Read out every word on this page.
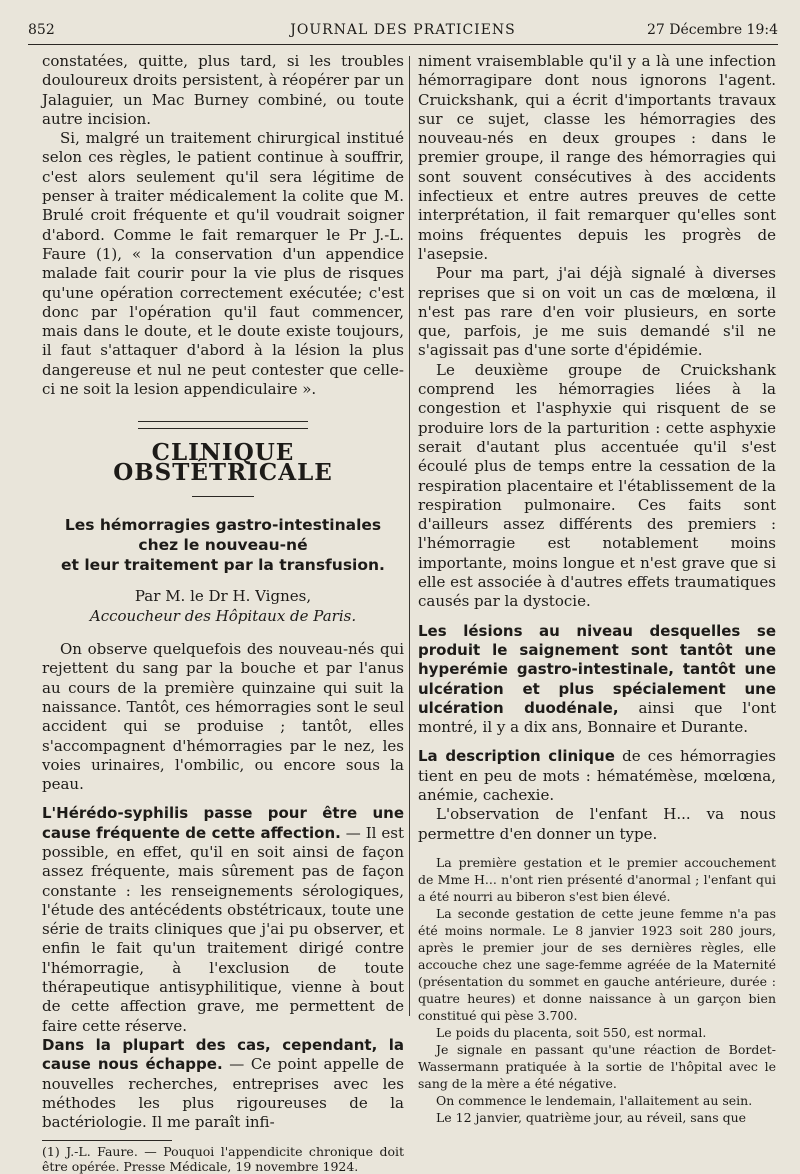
852	JOURNAL DES PRATICIENS	27 Décembre 19:4

constatées, quitte, plus tard, si les troubles douloureux droits persistent, à réopérer par un Jalaguier, un Mac Burney combiné, ou toute autre incision.

Si, malgré un traitement chirurgical institué selon ces règles, le patient continue à souffrir, c'est alors seulement qu'il sera légitime de penser à traiter médicalement la colite que M. Brulé croit fréquente et qu'il voudrait soigner d'abord. Comme le fait remarquer le Pr J.-L. Faure (1), « la conservation d'un appendice malade fait courir pour la vie plus de risques qu'une opération correctement exécutée; c'est donc par l'opération qu'il faut commencer, mais dans le doute, et le doute existe toujours, il faut s'attaquer d'abord à la lésion la plus dangereuse et nul ne peut contester que celle-ci ne soit la lesion appendiculaire ».

CLINIQUE OBSTÉTRICALE
Les hémorragies gastro-intestinales
chez le nouveau-né
et leur traitement par la transfusion.

Par M. le Dr H. Vignes,

Accoucheur des Hôpitaux de Paris.

On observe quelquefois des nouveau-nés qui rejettent du sang par la bouche et par l'anus au cours de la première quinzaine qui suit la naissance. Tantôt, ces hémorragies sont le seul accident qui se produise ; tantôt, elles s'accompagnent d'hémorragies par le nez, les voies urinaires, l'ombilic, ou encore sous la peau.

L'Hérédo-syphilis passe pour être une cause fréquente de cette affection. — Il est possible, en effet, qu'il en soit ainsi de façon assez fréquente, mais sûrement pas de façon constante : les renseignements sérologiques, l'étude des antécédents obstétricaux, toute une série de traits cliniques que j'ai pu observer, et enfin le fait qu'un traitement dirigé contre l'hémorragie, à l'exclusion de toute thérapeutique antisyphilitique, vienne à bout de cette affection grave, me permettent de faire cette réserve.

Dans la plupart des cas, cependant, la cause nous échappe. — Ce point appelle de nouvelles recherches, entreprises avec les méthodes les plus rigoureuses de la bactériologie. Il me paraît infi-

(1) J.-L. Faure. — Pouquoi l'appendicite chronique doit être opérée. Presse Médicale, 19 novembre 1924.

niment vraisemblable qu'il y a là une infection hémorragipare dont nous ignorons l'agent. Cruickshank, qui a écrit d'importants travaux sur ce sujet, classe les hémorragies des nouveau-nés en deux groupes : dans le premier groupe, il range des hémorragies qui sont souvent consécutives à des accidents infectieux et entre autres preuves de cette interprétation, il fait remarquer qu'elles sont moins fréquentes depuis les progrès de l'asepsie.

Pour ma part, j'ai déjà signalé à diverses reprises que si on voit un cas de mœlœna, il n'est pas rare d'en voir plusieurs, en sorte que, parfois, je me suis demandé s'il ne s'agissait pas d'une sorte d'épidémie.

Le deuxième groupe de Cruickshank comprend les hémorragies liées à la congestion et l'asphyxie qui risquent de se produire lors de la parturition : cette asphyxie serait d'autant plus accentuée qu'il s'est écoulé plus de temps entre la cessation de la respiration placentaire et l'établissement de la respiration pulmonaire. Ces faits sont d'ailleurs assez différents des premiers : l'hémorragie est notablement moins importante, moins longue et n'est grave que si elle est associée à d'autres effets traumatiques causés par la dystocie.

Les lésions au niveau desquelles se produit le saignement sont tantôt une hyperémie gastro-intestinale, tantôt une ulcération et plus spécialement une ulcération duodénale, ainsi que l'ont montré, il y a dix ans, Bonnaire et Durante.

La description clinique de ces hémorragies tient en peu de mots : hématémèse, mœlœna, anémie, cachexie.

L'observation de l'enfant H... va nous permettre d'en donner un type.

La première gestation et le premier accouchement de Mme H... n'ont rien présenté d'anormal ; l'enfant qui a été nourri au biberon s'est bien élevé.

La seconde gestation de cette jeune femme n'a pas été moins normale. Le 8 janvier 1923 soit 280 jours, après le premier jour de ses dernières règles, elle accouche chez une sage-femme agréée de la Maternité (présentation du sommet en gauche antérieure, durée : quatre heures) et donne naissance à un garçon bien constitué qui pèse 3.700.

Le poids du placenta, soit 550, est normal.

Je signale en passant qu'une réaction de Bordet-Wassermann pratiquée à la sortie de l'hôpital avec le sang de la mère a été négative.

On commence le lendemain, l'allaitement au sein.

Le 12 janvier, quatrième jour, au réveil, sans que
